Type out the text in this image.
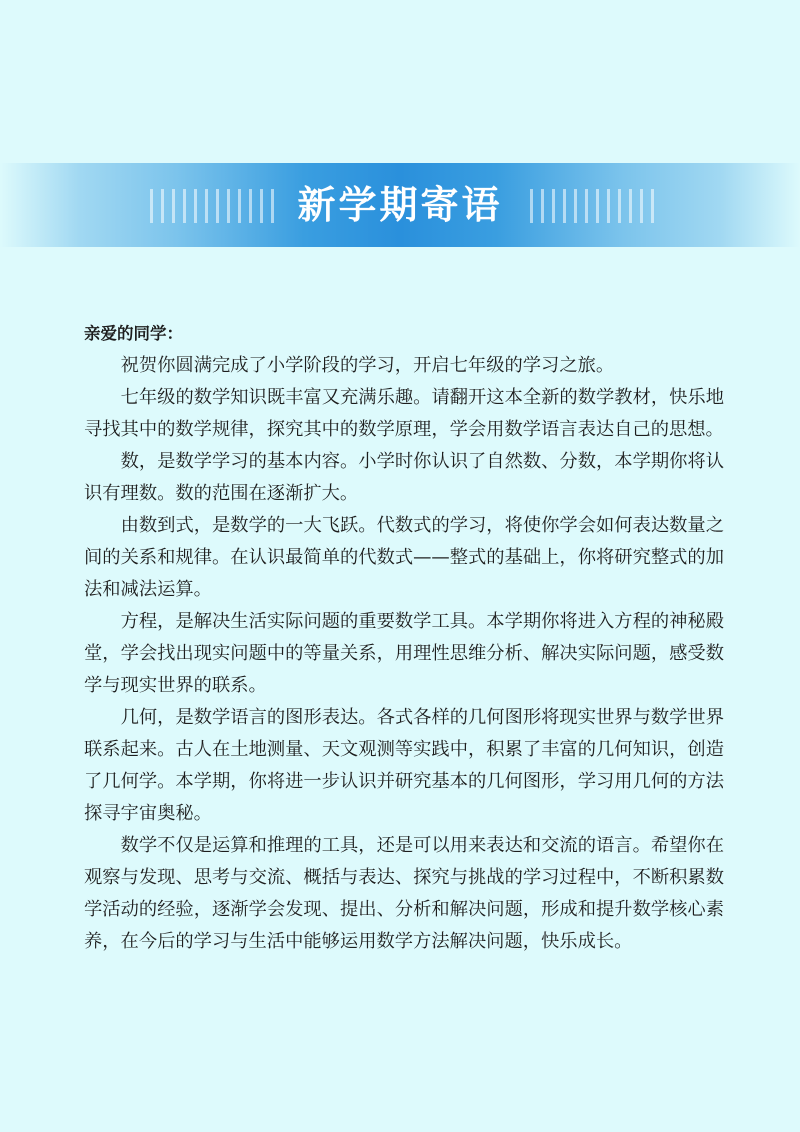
新学期寄语

亲爱的同学：

祝贺你圆满完成了小学阶段的学习，开启七年级的学习之旅。

七年级的数学知识既丰富又充满乐趣。请翻开这本全新的数学教材，快乐地寻找其中的数学规律，探究其中的数学原理，学会用数学语言表达自己的思想。

数，是数学学习的基本内容。小学时你认识了自然数、分数，本学期你将认识有理数。数的范围在逐渐扩大。

由数到式，是数学的一大飞跃。代数式的学习，将使你学会如何表达数量之间的关系和规律。在认识最简单的代数式——整式的基础上，你将研究整式的加法和减法运算。

方程，是解决生活实际问题的重要数学工具。本学期你将进入方程的神秘殿堂，学会找出现实问题中的等量关系，用理性思维分析、解决实际问题，感受数学与现实世界的联系。

几何，是数学语言的图形表达。各式各样的几何图形将现实世界与数学世界联系起来。古人在土地测量、天文观测等实践中，积累了丰富的几何知识，创造了几何学。本学期，你将进一步认识并研究基本的几何图形，学习用几何的方法探寻宇宙奥秘。

数学不仅是运算和推理的工具，还是可以用来表达和交流的语言。希望你在观察与发现、思考与交流、概括与表达、探究与挑战的学习过程中，不断积累数学活动的经验，逐渐学会发现、提出、分析和解决问题，形成和提升数学核心素养，在今后的学习与生活中能够运用数学方法解决问题，快乐成长。
